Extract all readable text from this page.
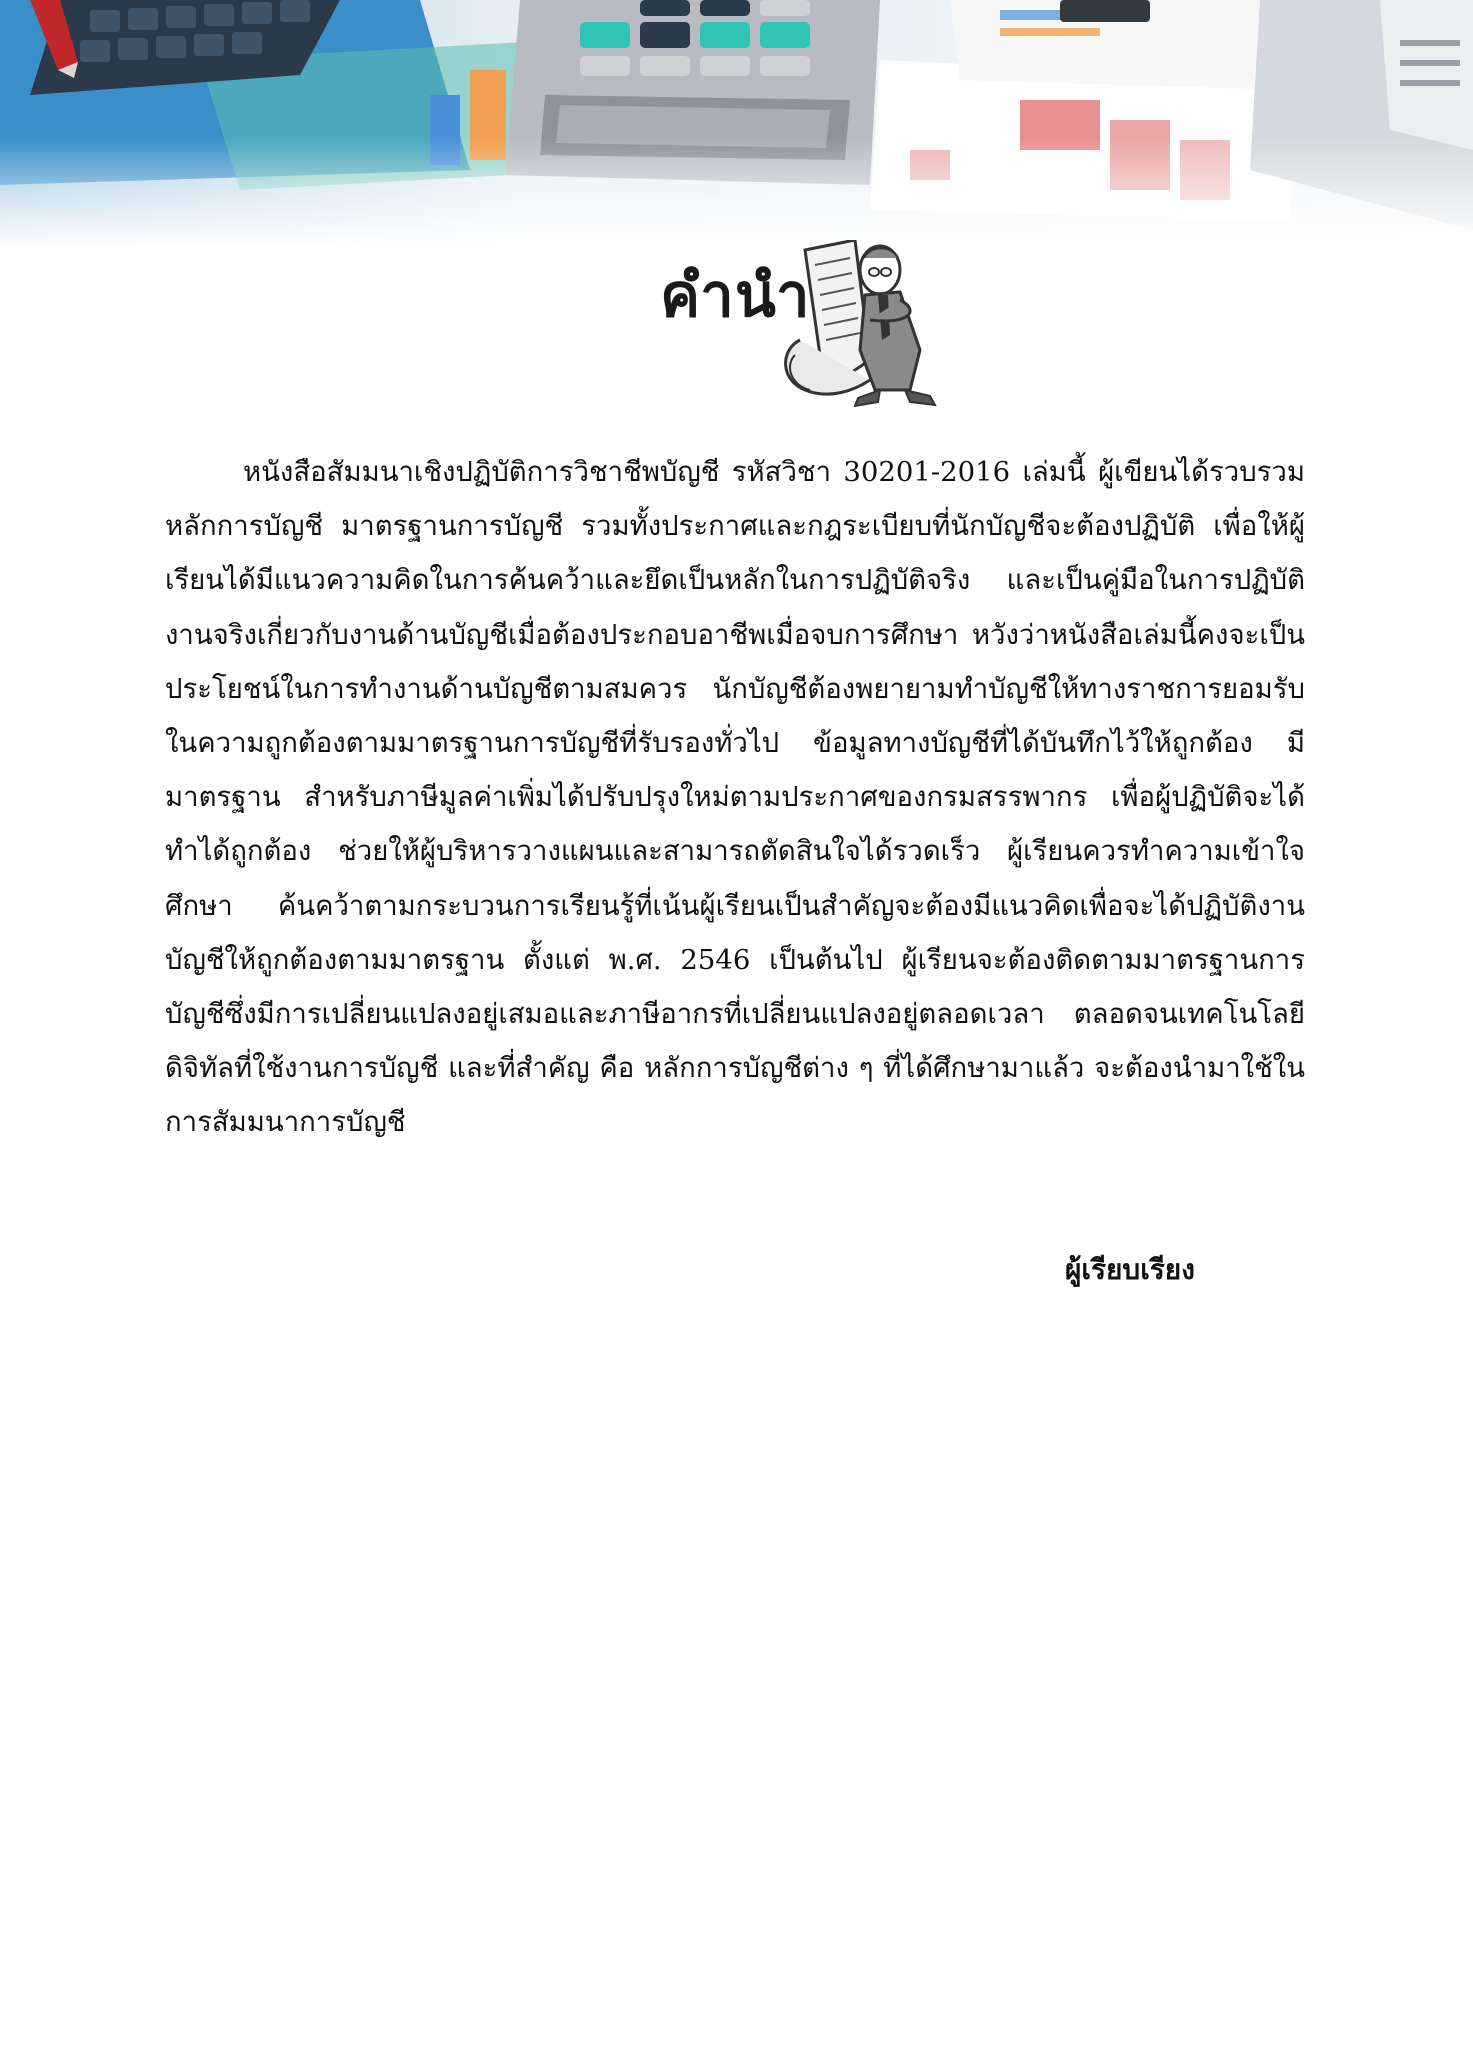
คำนำ

หนังสือสัมมนาเชิงปฏิบัติการวิชาชีพบัญชี รหัสวิชา 30201-2016 เล่มนี้ ผู้เขียนได้รวบรวมหลักการบัญชี มาตรฐานการบัญชี รวมทั้งประกาศและกฎระเบียบที่นักบัญชีจะต้องปฏิบัติ เพื่อให้ผู้เรียนได้มีแนวความคิดในการค้นคว้าและยึดเป็นหลักในการปฏิบัติจริง และเป็นคู่มือในการปฏิบัติงานจริงเกี่ยวกับงานด้านบัญชีเมื่อต้องประกอบอาชีพเมื่อจบการศึกษา หวังว่าหนังสือเล่มนี้คงจะเป็นประโยชน์ในการทำงานด้านบัญชีตามสมควร นักบัญชีต้องพยายามทำบัญชีให้ทางราชการยอมรับในความถูกต้องตามมาตรฐานการบัญชีที่รับรองทั่วไป ข้อมูลทางบัญชีที่ได้บันทึกไว้ให้ถูกต้อง มีมาตรฐาน สำหรับภาษีมูลค่าเพิ่มได้ปรับปรุงใหม่ตามประกาศของกรมสรรพากร เพื่อผู้ปฏิบัติจะได้ทำได้ถูกต้อง ช่วยให้ผู้บริหารวางแผนและสามารถตัดสินใจได้รวดเร็ว ผู้เรียนควรทำความเข้าใจ ศึกษา ค้นคว้าตามกระบวนการเรียนรู้ที่เน้นผู้เรียนเป็นสำคัญจะต้องมีแนวคิดเพื่อจะได้ปฏิบัติงานบัญชีให้ถูกต้องตามมาตรฐาน ตั้งแต่ พ.ศ. 2546 เป็นต้นไป ผู้เรียนจะต้องติดตามมาตรฐานการบัญชีซึ่งมีการเปลี่ยนแปลงอยู่เสมอและภาษีอากรที่เปลี่ยนแปลงอยู่ตลอดเวลา ตลอดจนเทคโนโลยีดิจิทัลที่ใช้งานการบัญชี และที่สำคัญ คือ หลักการบัญชีต่าง ๆ ที่ได้ศึกษามาแล้ว จะต้องนำมาใช้ในการสัมมนาการบัญชี

ผู้เรียบเรียง
